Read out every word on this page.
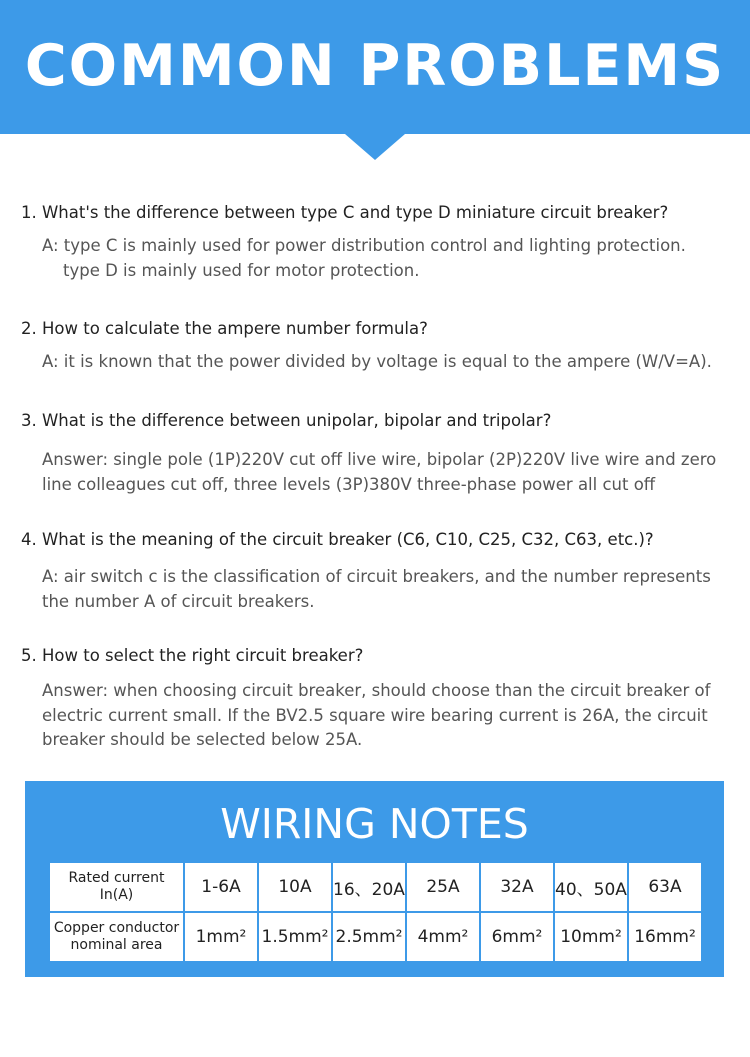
COMMON PROBLEMS

1. What's the difference between type C and type D miniature circuit breaker?

A: type C is mainly used for power distribution control and lighting protection.
type D is mainly used for motor protection.

2. How to calculate the ampere number formula?

A: it is known that the power divided by voltage is equal to the ampere (W/V=A).

3. What is the difference between unipolar, bipolar and tripolar?

Answer: single pole (1P)220V cut off live wire, bipolar (2P)220V live wire and zero
line colleagues cut off, three levels (3P)380V three-phase power all cut off

4. What is the meaning of the circuit breaker (C6, C10, C25, C32, C63, etc.)?

A: air switch c is the classification of circuit breakers, and the number represents
the number A of circuit breakers.

5. How to select the right circuit breaker?

Answer: when choosing circuit breaker, should choose than the circuit breaker of
electric current small. If the BV2.5 square wire bearing current is 26A, the circuit
breaker should be selected below 25A.
WIRING NOTES
Rated current
In(A)	1-6A	10A	16、20A	25A	32A	40、50A	63A
Copper conductor
nominal area	1mm²	1.5mm²	2.5mm²	4mm²	6mm²	10mm²	16mm²
